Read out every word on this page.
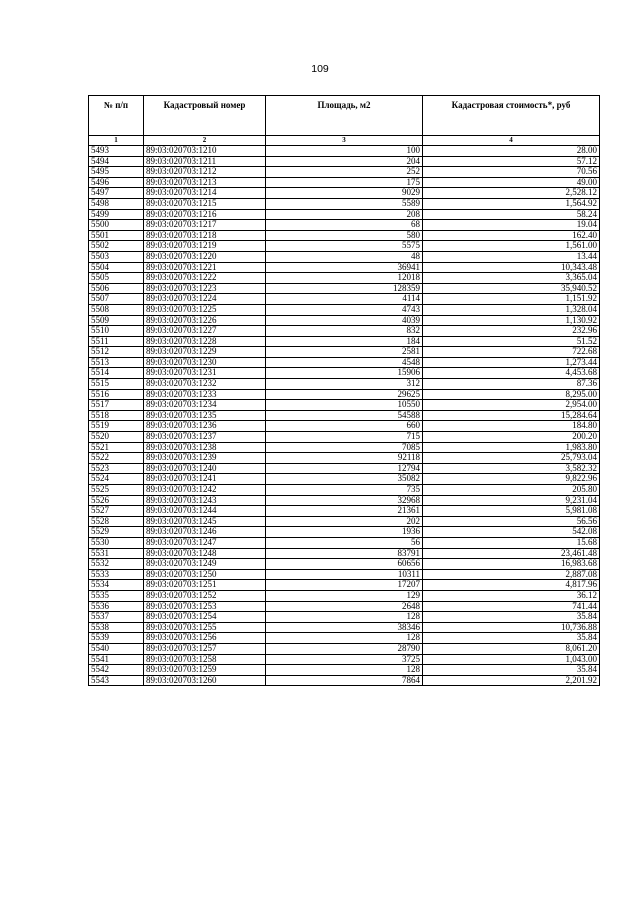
109
№ п/п	Кадастровый номер	Площадь, м2	Кадастровая стоимость*, руб
1	2	3	4
5493	89:03:020703:1210	100	28.00
5494	89:03:020703:1211	204	57.12
5495	89:03:020703:1212	252	70.56
5496	89:03:020703:1213	175	49.00
5497	89:03:020703:1214	9029	2,528.12
5498	89:03:020703:1215	5589	1,564.92
5499	89:03:020703:1216	208	58.24
5500	89:03:020703:1217	68	19.04
5501	89:03:020703:1218	580	162.40
5502	89:03:020703:1219	5575	1,561.00
5503	89:03:020703:1220	48	13.44
5504	89:03:020703:1221	36941	10,343.48
5505	89:03:020703:1222	12018	3,365.04
5506	89:03:020703:1223	128359	35,940.52
5507	89:03:020703:1224	4114	1,151.92
5508	89:03:020703:1225	4743	1,328.04
5509	89:03:020703:1226	4039	1,130.92
5510	89:03:020703:1227	832	232.96
5511	89:03:020703:1228	184	51.52
5512	89:03:020703:1229	2581	722.68
5513	89:03:020703:1230	4548	1,273.44
5514	89:03:020703:1231	15906	4,453.68
5515	89:03:020703:1232	312	87.36
5516	89:03:020703:1233	29625	8,295.00
5517	89:03:020703:1234	10550	2,954.00
5518	89:03:020703:1235	54588	15,284.64
5519	89:03:020703:1236	660	184.80
5520	89:03:020703:1237	715	200.20
5521	89:03:020703:1238	7085	1,983.80
5522	89:03:020703:1239	92118	25,793.04
5523	89:03:020703:1240	12794	3,582.32
5524	89:03:020703:1241	35082	9,822.96
5525	89:03:020703:1242	735	205.80
5526	89:03:020703:1243	32968	9,231.04
5527	89:03:020703:1244	21361	5,981.08
5528	89:03:020703:1245	202	56.56
5529	89:03:020703:1246	1936	542.08
5530	89:03:020703:1247	56	15.68
5531	89:03:020703:1248	83791	23,461.48
5532	89:03:020703:1249	60656	16,983.68
5533	89:03:020703:1250	10311	2,887.08
5534	89:03:020703:1251	17207	4,817.96
5535	89:03:020703:1252	129	36.12
5536	89:03:020703:1253	2648	741.44
5537	89:03:020703:1254	128	35.84
5538	89:03:020703:1255	38346	10,736.88
5539	89:03:020703:1256	128	35.84
5540	89:03:020703:1257	28790	8,061.20
5541	89:03:020703:1258	3725	1,043.00
5542	89:03:020703:1259	128	35.84
5543	89:03:020703:1260	7864	2,201.92
